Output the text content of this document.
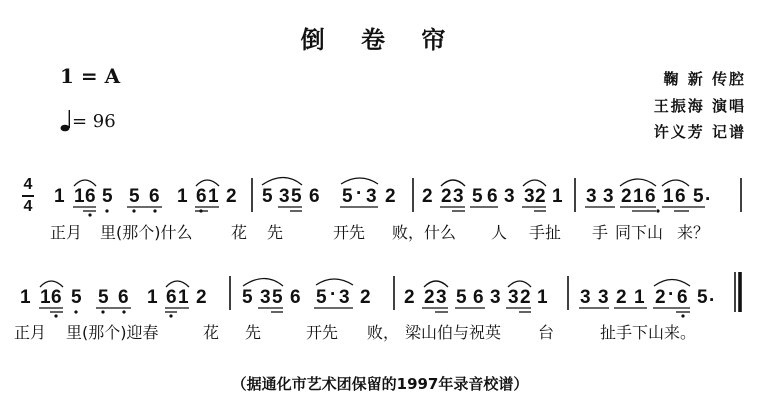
倒 卷 帘
1 = A
= 96
鞠 新 传腔
王振海 演唱
许义芳 记谱
4
4 1 1 6 5 5 6 1 6 1 2 5 3 5 6 5 · 3 2 2 2 3 5 6 3 3 2 1 3 3 2 1 6 1 6 5 .
正月 里(那个)什么 花 先	开先 败， 什么 人 手扯 手 同下山 来？
1 1 6 5 5 6 1 6 1 2 5 3 5 6 5 · 3 2 2 2 3 5 6 3 3 2 1 3 3 2 1 2 · 6 5 .
正月 里(那个)迎春	花 先	开先 败， 梁山伯与祝英 台	扯手下山来。
（据通化市艺术团保留的1997年录音校谱）
